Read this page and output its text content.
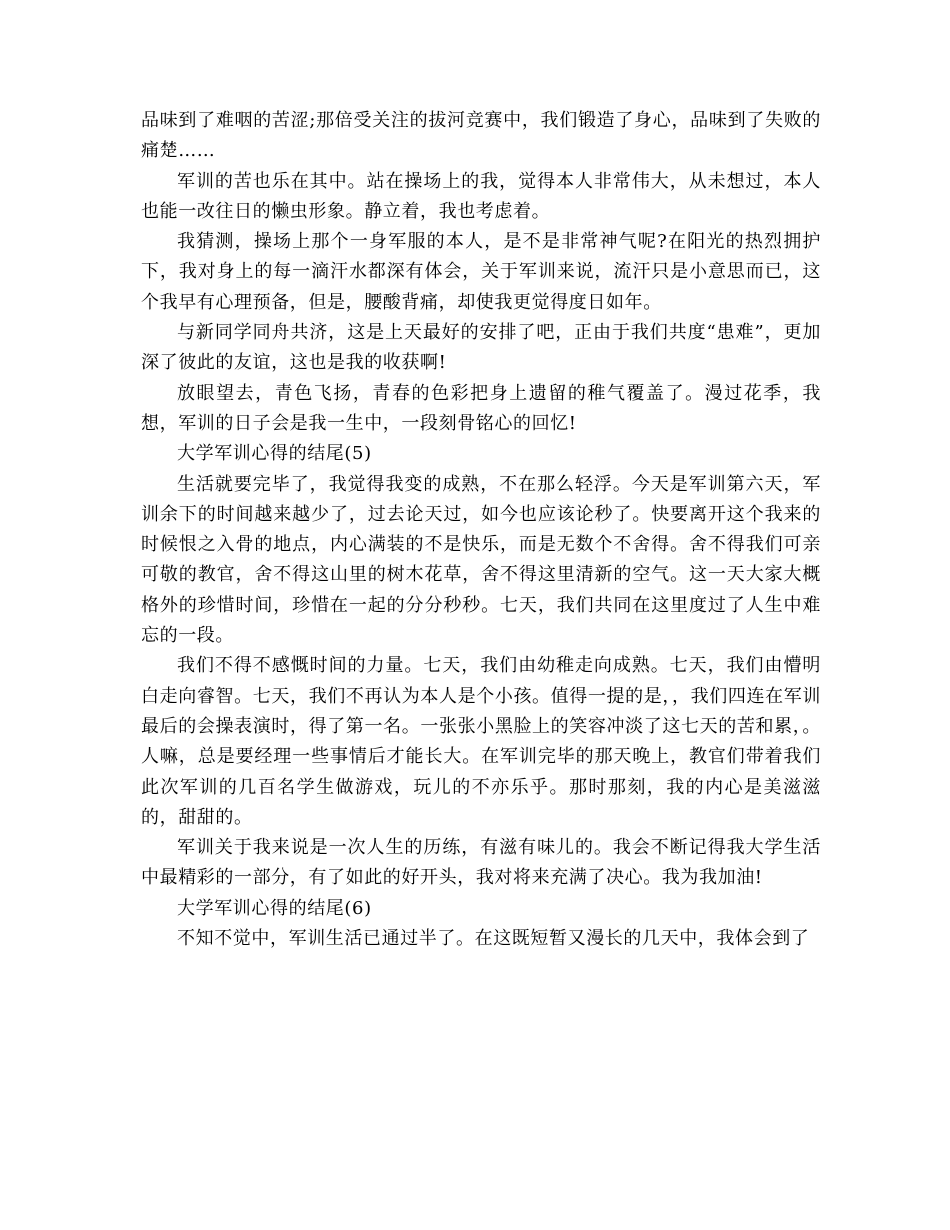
品味到了难咽的苦涩;那倍受关注的拔河竞赛中，我们锻造了身心，品味到了失败的痛楚……

军训的苦也乐在其中。站在操场上的我，觉得本人非常伟大，从未想过，本人也能一改往日的懒虫形象。静立着，我也考虑着。

我猜测，操场上那个一身军服的本人，是不是非常神气呢?在阳光的热烈拥护下，我对身上的每一滴汗水都深有体会，关于军训来说，流汗只是小意思而已，这个我早有心理预备，但是，腰酸背痛，却使我更觉得度日如年。

与新同学同舟共济，这是上天最好的安排了吧，正由于我们共度“患难”，更加深了彼此的友谊，这也是我的收获啊!

放眼望去，青色飞扬，青春的色彩把身上遗留的稚气覆盖了。漫过花季，我想，军训的日子会是我一生中，一段刻骨铭心的回忆!

大学军训心得的结尾(5)

生活就要完毕了，我觉得我变的成熟，不在那么轻浮。今天是军训第六天，军训余下的时间越来越少了，过去论天过，如今也应该论秒了。快要离开这个我来的时候恨之入骨的地点，内心满装的不是快乐，而是无数个不舍得。舍不得我们可亲可敬的教官，舍不得这山里的树木花草，舍不得这里清新的空气。这一天大家大概格外的珍惜时间，珍惜在一起的分分秒秒。七天，我们共同在这里度过了人生中难忘的一段。

我们不得不感慨时间的力量。七天，我们由幼稚走向成熟。七天，我们由懵明白走向睿智。七天，我们不再认为本人是个小孩。值得一提的是，，我们四连在军训最后的会操表演时，得了第一名。一张张小黑脸上的笑容冲淡了这七天的苦和累，。人嘛，总是要经理一些事情后才能长大。在军训完毕的那天晚上，教官们带着我们此次军训的几百名学生做游戏，玩儿的不亦乐乎。那时那刻，我的内心是美滋滋的，甜甜的。

军训关于我来说是一次人生的历练，有滋有味儿的。我会不断记得我大学生活中最精彩的一部分，有了如此的好开头，我对将来充满了决心。我为我加油!

大学军训心得的结尾(6)

不知不觉中，军训生活已通过半了。在这既短暂又漫长的几天中，我体会到了
